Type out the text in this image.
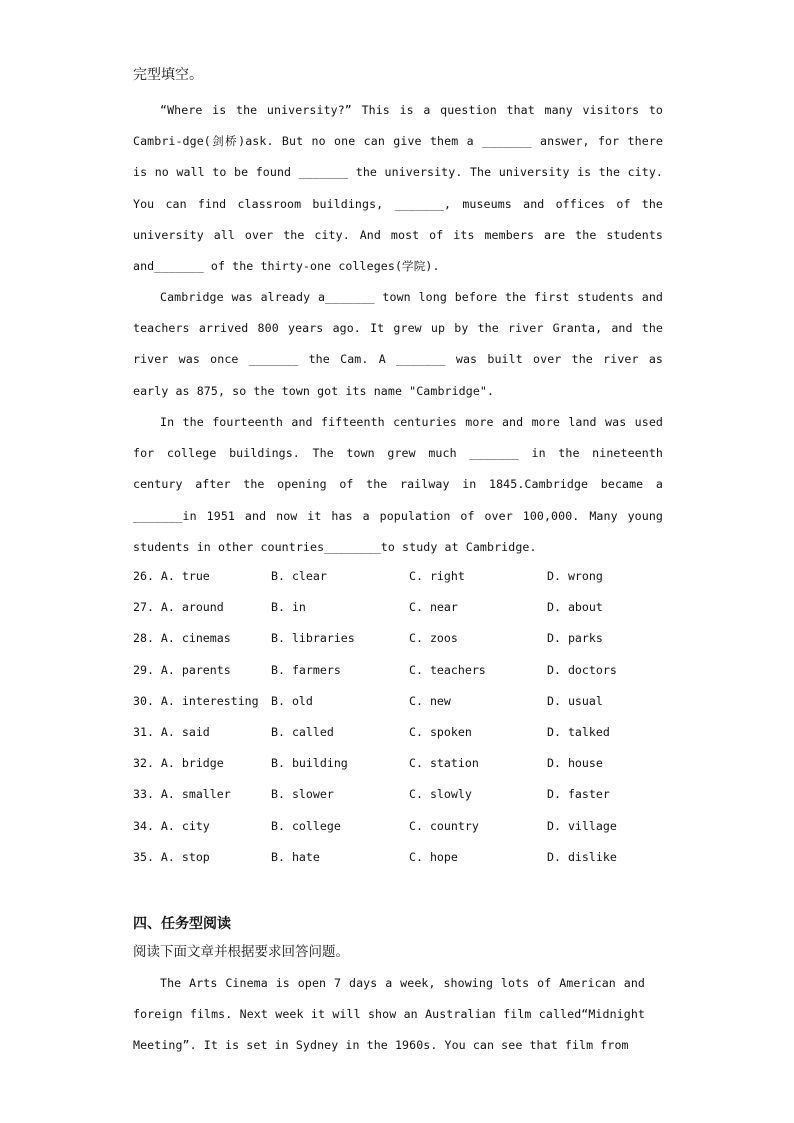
完型填空。

“Where is the university?” This is a question that many visitors to Cambri-dge(剑桥)ask. But no one can give them a _______ answer, for there is no wall to be found _______ the university. The university is the city. You can find classroom buildings, _______, museums and offices of the university all over the city. And most of its members are the students and_______ of the thirty-one colleges(学院).

Cambridge was already a_______ town long before the first students and teachers arrived 800 years ago. It grew up by the river Granta, and the river was once _______ the Cam. A _______ was built over the river as early as 875, so the town got its name "Cambridge".

In the fourteenth and fifteenth centuries more and more land was used for college buildings. The town grew much _______ in the nineteenth century after the opening of the railway in 1845.Cambridge became a _______in 1951 and now it has a population of over 100,000. Many young students in other countries________to study at Cambridge.

26. A. true	B. clear	C. right	D. wrong
27. A. around	B. in	C. near	D. about
28. A. cinemas	B. libraries	C. zoos	D. parks
29. A. parents	B. farmers	C. teachers	D. doctors
30. A. interesting B. old	C. new	D. usual
31. A. said	B. called	C. spoken	D. talked
32. A. bridge	B. building	C. station	D. house
33. A. smaller	B. slower	C. slowly	D. faster
34. A. city	B. college	C. country	D. village
35. A. stop	B. hate	C. hope	D. dislike
四、任务型阅读
阅读下面文章并根据要求回答问题。

The Arts Cinema is open 7 days a week, showing lots of American and foreign films. Next week it will show an Australian film called“Midnight Meeting”. It is set in Sydney in the 1960s. You can see that film from
